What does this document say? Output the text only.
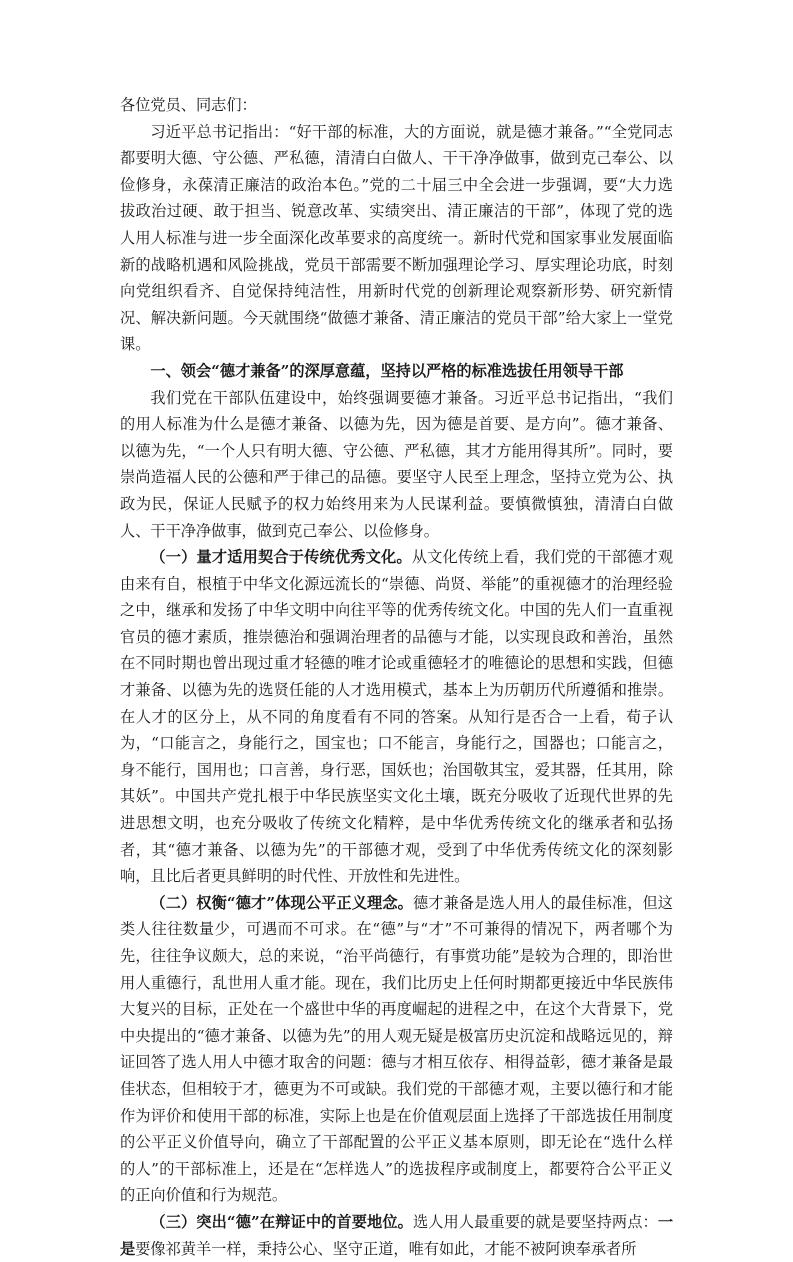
各位党员、同志们：

习近平总书记指出：“好干部的标准，大的方面说，就是德才兼备。”“全党同志都要明大德、守公德、严私德，清清白白做人、干干净净做事，做到克己奉公、以俭修身，永葆清正廉洁的政治本色。”党的二十届三中全会进一步强调，要“大力选拔政治过硬、敢于担当、锐意改革、实绩突出、清正廉洁的干部”，体现了党的选人用人标准与进一步全面深化改革要求的高度统一。新时代党和国家事业发展面临新的战略机遇和风险挑战，党员干部需要不断加强理论学习、厚实理论功底，时刻向党组织看齐、自觉保持纯洁性，用新时代党的创新理论观察新形势、研究新情况、解决新问题。今天就围绕“做德才兼备、清正廉洁的党员干部”给大家上一堂党课。

一、领会“德才兼备”的深厚意蕴，坚持以严格的标准选拔任用领导干部

我们党在干部队伍建设中，始终强调要德才兼备。习近平总书记指出，“我们的用人标准为什么是德才兼备、以德为先，因为德是首要、是方向”。德才兼备、以德为先，“一个人只有明大德、守公德、严私德，其才方能用得其所”。同时，要崇尚造福人民的公德和严于律己的品德。要坚守人民至上理念，坚持立党为公、执政为民，保证人民赋予的权力始终用来为人民谋利益。要慎微慎独，清清白白做人、干干净净做事，做到克己奉公、以俭修身。

（一）量才适用契合于传统优秀文化。从文化传统上看，我们党的干部德才观由来有自，根植于中华文化源远流长的“崇德、尚贤、举能”的重视德才的治理经验之中，继承和发扬了中华文明中向往平等的优秀传统文化。中国的先人们一直重视官员的德才素质，推崇德治和强调治理者的品德与才能，以实现良政和善治，虽然在不同时期也曾出现过重才轻德的唯才论或重德轻才的唯德论的思想和实践，但德才兼备、以德为先的选贤任能的人才选用模式，基本上为历朝历代所遵循和推崇。在人才的区分上，从不同的角度看有不同的答案。从知行是否合一上看，荀子认为，“口能言之，身能行之，国宝也；口不能言，身能行之，国器也；口能言之，身不能行，国用也；口言善，身行恶，国妖也；治国敬其宝，爱其器，任其用，除其妖”。中国共产党扎根于中华民族坚实文化土壤，既充分吸收了近现代世界的先进思想文明，也充分吸收了传统文化精粹，是中华优秀传统文化的继承者和弘扬者，其“德才兼备、以德为先”的干部德才观，受到了中华优秀传统文化的深刻影响，且比后者更具鲜明的时代性、开放性和先进性。

（二）权衡“德才”体现公平正义理念。德才兼备是选人用人的最佳标准，但这类人往往数量少，可遇而不可求。在“德”与“才”不可兼得的情况下，两者哪个为先，往往争议颇大，总的来说，“治平尚德行，有事赏功能”是较为合理的，即治世用人重德行，乱世用人重才能。现在，我们比历史上任何时期都更接近中华民族伟大复兴的目标，正处在一个盛世中华的再度崛起的进程之中，在这个大背景下，党中央提出的“德才兼备、以德为先”的用人观无疑是极富历史沉淀和战略远见的，辩证回答了选人用人中德才取舍的问题：德与才相互依存、相得益彰，德才兼备是最佳状态，但相较于才，德更为不可或缺。我们党的干部德才观，主要以德行和才能作为评价和使用干部的标准，实际上也是在价值观层面上选择了干部选拔任用制度的公平正义价值导向，确立了干部配置的公平正义基本原则，即无论在“选什么样的人”的干部标准上，还是在“怎样选人”的选拔程序或制度上，都要符合公平正义的正向价值和行为规范。

（三）突出“德”在辩证中的首要地位。选人用人最重要的就是要坚持两点：一是要像祁黄羊一样，秉持公心、坚守正道，唯有如此，才能不被阿谀奉承者所
